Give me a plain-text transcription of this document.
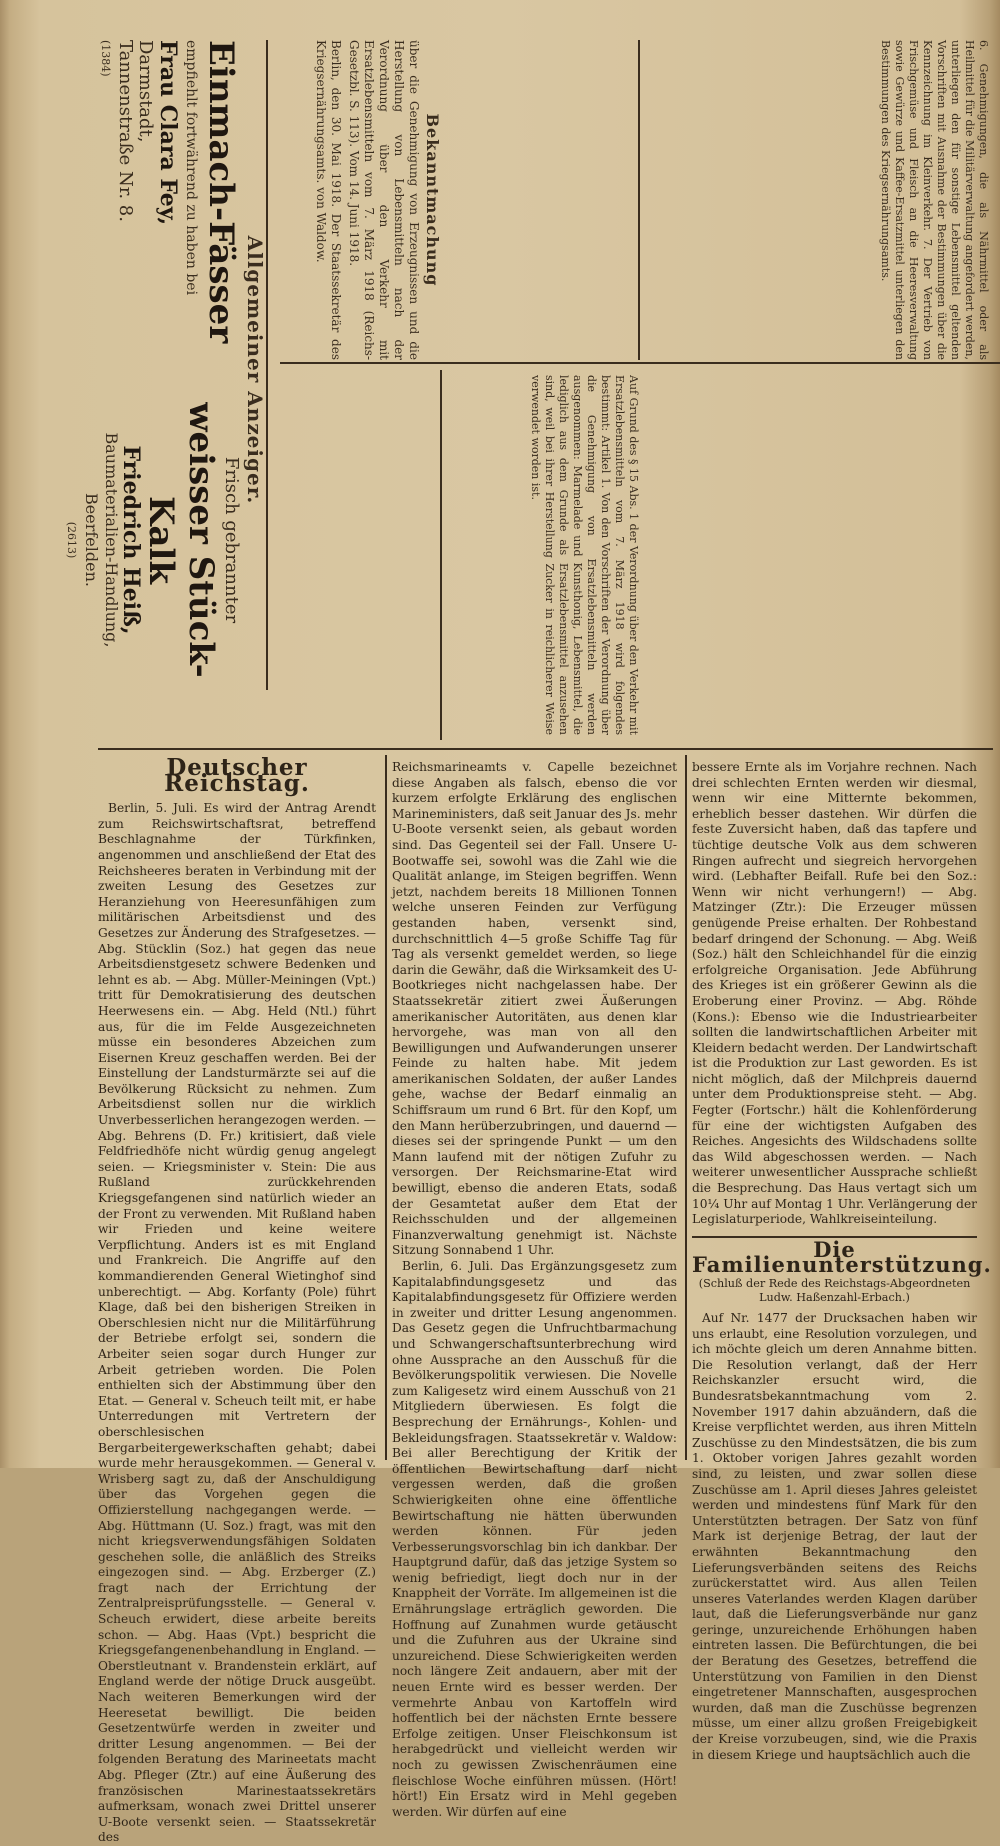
Allgemeiner Anzeiger.
Einmach-Fässer
empfiehlt fortwährend zu haben bei
Frau Clara Fey,
Darmstadt,
Tannenstraße Nr. 8.
(1384)
Frisch gebrannter
weisser Stück-Kalk
Friedrich Heiß,
Baumaterialien-Handlung,
Beerfelden.
(2613)
Bekanntmachung

über die Genehmigung von Erzeugnissen und die Herstellung von Lebensmitteln nach der Verordnung über den Verkehr mit Ersatzlebensmitteln vom 7. März 1918 (Reichs-Gesetzbl. S. 113). Vom 14. Juni 1918.

Berlin, den 30. Mai 1918. Der Staatssekretär des Kriegsernährungsamts. von Waldow.

Auf Grund des § 15 Abs. 1 der Verordnung über den Verkehr mit Ersatzlebensmitteln vom 7. März 1918 wird folgendes bestimmt: Artikel 1. Von den Vorschriften der Verordnung über die Genehmigung von Ersatzlebensmitteln werden ausgenommen: Marmelade und Kunsthonig, Lebensmittel, die lediglich aus dem Grunde als Ersatzlebensmittel anzusehen sind, weil bei ihrer Herstellung Zucker in reichlicherer Weise verwendet worden ist.

6. Genehmigungen, die als Nährmittel oder als Heilmittel für die Militärverwaltung angefordert werden, unterliegen den für sonstige Lebensmittel geltenden Vorschriften mit Ausnahme der Bestimmungen über die Kennzeichnung im Kleinverkehr. 7. Der Vertrieb von Frischgemüse und Fleisch an die Heeresverwaltung sowie Gewürze und Kaffee-Ersatzmittel unterliegen den Bestimmungen des Kriegsernährungsamts.

Deutscher Reichstag.

Berlin, 5. Juli. Es wird der Antrag Arendt zum Reichswirtschaftsrat, betreffend Beschlagnahme der Türkfinken, angenommen und anschließend der Etat des Reichsheeres beraten in Verbindung mit der zweiten Lesung des Gesetzes zur Heranziehung von Heeresunfähigen zum militärischen Arbeitsdienst und des Gesetzes zur Änderung des Strafgesetzes. — Abg. Stücklin (Soz.) hat gegen das neue Arbeitsdienstgesetz schwere Bedenken und lehnt es ab. — Abg. Müller-Meiningen (Vpt.) tritt für Demokratisierung des deutschen Heerwesens ein. — Abg. Held (Ntl.) führt aus, für die im Felde Ausgezeichneten müsse ein besonderes Abzeichen zum Eisernen Kreuz geschaffen werden. Bei der Einstellung der Landsturmärzte sei auf die Bevölkerung Rücksicht zu nehmen. Zum Arbeitsdienst sollen nur die wirklich Unverbesserlichen herangezogen werden. — Abg. Behrens (D. Fr.) kritisiert, daß viele Feldfriedhöfe nicht würdig genug angelegt seien. — Kriegsminister v. Stein: Die aus Rußland zurückkehrenden Kriegsgefangenen sind natürlich wieder an der Front zu verwenden. Mit Rußland haben wir Frieden und keine weitere Verpflichtung. Anders ist es mit England und Frankreich. Die Angriffe auf den kommandierenden General Wietinghof sind unberechtigt. — Abg. Korfanty (Pole) führt Klage, daß bei den bisherigen Streiken in Oberschlesien nicht nur die Militärführung der Betriebe erfolgt sei, sondern die Arbeiter seien sogar durch Hunger zur Arbeit getrieben worden. Die Polen enthielten sich der Abstimmung über den Etat. — General v. Scheuch teilt mit, er habe Unterredungen mit Vertretern der oberschlesischen Bergarbeitergewerkschaften gehabt; dabei wurde mehr herausgekommen. — General v. Wrisberg sagt zu, daß der Anschuldigung über das Vorgehen gegen die Offizierstellung nachgegangen werde. — Abg. Hüttmann (U. Soz.) fragt, was mit den nicht kriegsverwendungsfähigen Soldaten geschehen solle, die anläßlich des Streiks eingezogen sind. — Abg. Erzberger (Z.) fragt nach der Errichtung der Zentralpreisprüfungsstelle. — General v. Scheuch erwidert, diese arbeite bereits schon. — Abg. Haas (Vpt.) bespricht die Kriegsgefangenenbehandlung in England. — Oberstleutnant v. Brandenstein erklärt, auf England werde der nötige Druck ausgeübt. Nach weiteren Bemerkungen wird der Heeresetat bewilligt. Die beiden Gesetzentwürfe werden in zweiter und dritter Lesung angenommen. — Bei der folgenden Beratung des Marineetats macht Abg. Pfleger (Ztr.) auf eine Äußerung des französischen Marinestaatssekretärs aufmerksam, wonach zwei Drittel unserer U-Boote versenkt seien. — Staatssekretär des

Reichsmarineamts v. Capelle bezeichnet diese Angaben als falsch, ebenso die vor kurzem erfolgte Erklärung des englischen Marineministers, daß seit Januar des Js. mehr U-Boote versenkt seien, als gebaut worden sind. Das Gegenteil sei der Fall. Unsere U-Bootwaffe sei, sowohl was die Zahl wie die Qualität anlange, im Steigen begriffen. Wenn jetzt, nachdem bereits 18 Millionen Tonnen welche unseren Feinden zur Verfügung gestanden haben, versenkt sind, durchschnittlich 4—5 große Schiffe Tag für Tag als versenkt gemeldet werden, so liege darin die Gewähr, daß die Wirksamkeit des U-Bootkrieges nicht nachgelassen habe. Der Staatssekretär zitiert zwei Äußerungen amerikanischer Autoritäten, aus denen klar hervorgehe, was man von all den Bewilligungen und Aufwanderungen unserer Feinde zu halten habe. Mit jedem amerikanischen Soldaten, der außer Landes gehe, wachse der Bedarf einmalig an Schiffsraum um rund 6 Brt. für den Kopf, um den Mann herüberzubringen, und dauernd — dieses sei der springende Punkt — um den Mann laufend mit der nötigen Zufuhr zu versorgen. Der Reichsmarine-Etat wird bewilligt, ebenso die anderen Etats, sodaß der Gesamtetat außer dem Etat der Reichsschulden und der allgemeinen Finanzverwaltung genehmigt ist. Nächste Sitzung Sonnabend 1 Uhr.

Berlin, 6. Juli. Das Ergänzungsgesetz zum Kapitalabfindungsgesetz und das Kapitalabfindungsgesetz für Offiziere werden in zweiter und dritter Lesung angenommen. Das Gesetz gegen die Unfruchtbarmachung und Schwangerschaftsunterbrechung wird ohne Aussprache an den Ausschuß für die Bevölkerungspolitik verwiesen. Die Novelle zum Kaligesetz wird einem Ausschuß von 21 Mitgliedern überwiesen. Es folgt die Besprechung der Ernährungs-, Kohlen- und Bekleidungsfragen. Staatssekretär v. Waldow: Bei aller Berechtigung der Kritik der öffentlichen Bewirtschaftung darf nicht vergessen werden, daß die großen Schwierigkeiten ohne eine öffentliche Bewirtschaftung nie hätten überwunden werden können. Für jeden Verbesserungsvorschlag bin ich dankbar. Der Hauptgrund dafür, daß das jetzige System so wenig befriedigt, liegt doch nur in der Knappheit der Vorräte. Im allgemeinen ist die Ernährungslage erträglich geworden. Die Hoffnung auf Zunahmen wurde getäuscht und die Zufuhren aus der Ukraine sind unzureichend. Diese Schwierigkeiten werden noch längere Zeit andauern, aber mit der neuen Ernte wird es besser werden. Der vermehrte Anbau von Kartoffeln wird hoffentlich bei der nächsten Ernte bessere Erfolge zeitigen. Unser Fleischkonsum ist herabgedrückt und vielleicht werden wir noch zu gewissen Zwischenräumen eine fleischlose Woche einführen müssen. (Hört! hört!) Ein Ersatz wird in Mehl gegeben werden. Wir dürfen auf eine

bessere Ernte als im Vorjahre rechnen. Nach drei schlechten Ernten werden wir diesmal, wenn wir eine Mitternte bekommen, erheblich besser dastehen. Wir dürfen die feste Zuversicht haben, daß das tapfere und tüchtige deutsche Volk aus dem schweren Ringen aufrecht und siegreich hervorgehen wird. (Lebhafter Beifall. Rufe bei den Soz.: Wenn wir nicht verhungern!) — Abg. Matzinger (Ztr.): Die Erzeuger müssen genügende Preise erhalten. Der Rohbestand bedarf dringend der Schonung. — Abg. Weiß (Soz.) hält den Schleichhandel für die einzig erfolgreiche Organisation. Jede Abführung des Krieges ist ein größerer Gewinn als die Eroberung einer Provinz. — Abg. Röhde (Kons.): Ebenso wie die Industriearbeiter sollten die landwirtschaftlichen Arbeiter mit Kleidern bedacht werden. Der Landwirtschaft ist die Produktion zur Last geworden. Es ist nicht möglich, daß der Milchpreis dauernd unter dem Produktionspreise steht. — Abg. Fegter (Fortschr.) hält die Kohlenförderung für eine der wichtigsten Aufgaben des Reiches. Angesichts des Wildschadens sollte das Wild abgeschossen werden. — Nach weiterer unwesentlicher Aussprache schließt die Besprechung. Das Haus vertagt sich um 10¼ Uhr auf Montag 1 Uhr. Verlängerung der Legislaturperiode, Wahlkreiseinteilung.

Die Familienunterstützung.
(Schluß der Rede des Reichstags-Abgeordneten Ludw. Haßenzahl-Erbach.)

Auf Nr. 1477 der Drucksachen haben wir uns erlaubt, eine Resolution vorzulegen, und ich möchte gleich um deren Annahme bitten. Die Resolution verlangt, daß der Herr Reichskanzler ersucht wird, die Bundesratsbekanntmachung vom 2. November 1917 dahin abzuändern, daß die Kreise verpflichtet werden, aus ihren Mitteln Zuschüsse zu den Mindestsätzen, die bis zum 1. Oktober vorigen Jahres gezahlt worden sind, zu leisten, und zwar sollen diese Zuschüsse am 1. April dieses Jahres geleistet werden und mindestens fünf Mark für den Unterstützten betragen. Der Satz von fünf Mark ist derjenige Betrag, der laut der erwähnten Bekanntmachung den Lieferungsverbänden seitens des Reichs zurückerstattet wird. Aus allen Teilen unseres Vaterlandes werden Klagen darüber laut, daß die Lieferungsverbände nur ganz geringe, unzureichende Erhöhungen haben eintreten lassen. Die Befürchtungen, die bei der Beratung des Gesetzes, betreffend die Unterstützung von Familien in den Dienst eingetretener Mannschaften, ausgesprochen wurden, daß man die Zuschüsse begrenzen müsse, um einer allzu großen Freigebigkeit der Kreise vorzubeugen, sind, wie die Praxis in diesem Kriege und hauptsächlich auch die
